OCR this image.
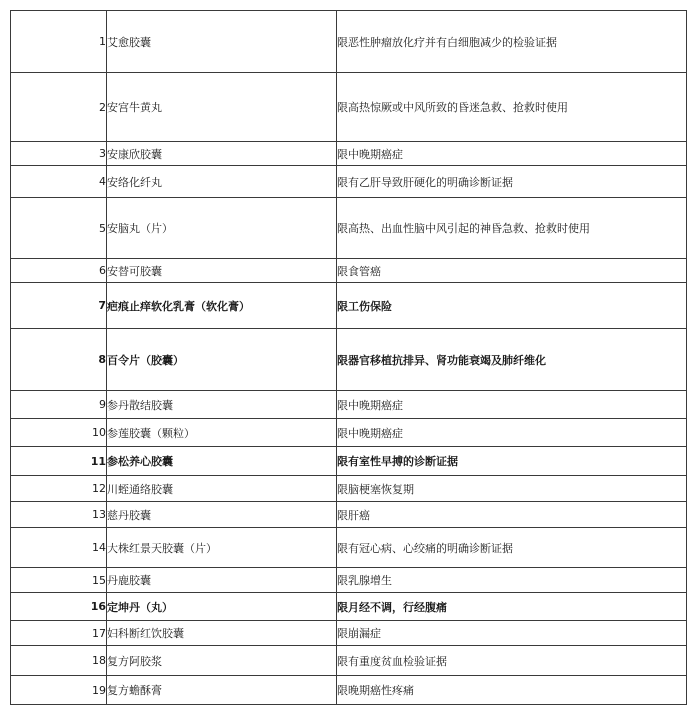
1	艾愈胶囊	限恶性肿瘤放化疗并有白细胞减少的检验证据
2	安宫牛黄丸	限高热惊厥或中风所致的昏迷急救、抢救时使用
3	安康欣胶囊	限中晚期癌症
4	安络化纤丸	限有乙肝导致肝硬化的明确诊断证据
5	安脑丸（片）	限高热、出血性脑中风引起的神昏急救、抢救时使用
6	安替可胶囊	限食管癌
7	疤痕止痒软化乳膏（软化膏）	限工伤保险
8	百令片（胶囊）	限器官移植抗排异、肾功能衰竭及肺纤维化
9	参丹散结胶囊	限中晚期癌症
10	参莲胶囊（颗粒）	限中晚期癌症
11	参松养心胶囊	限有室性早搏的诊断证据
12	川蛭通络胶囊	限脑梗塞恢复期
13	慈丹胶囊	限肝癌
14	大株红景天胶囊（片）	限有冠心病、心绞痛的明确诊断证据
15	丹鹿胶囊	限乳腺增生
16	定坤丹（丸）	限月经不调，行经腹痛
17	妇科断红饮胶囊	限崩漏症
18	复方阿胶浆	限有重度贫血检验证据
19	复方蟾酥膏	限晚期癌性疼痛
